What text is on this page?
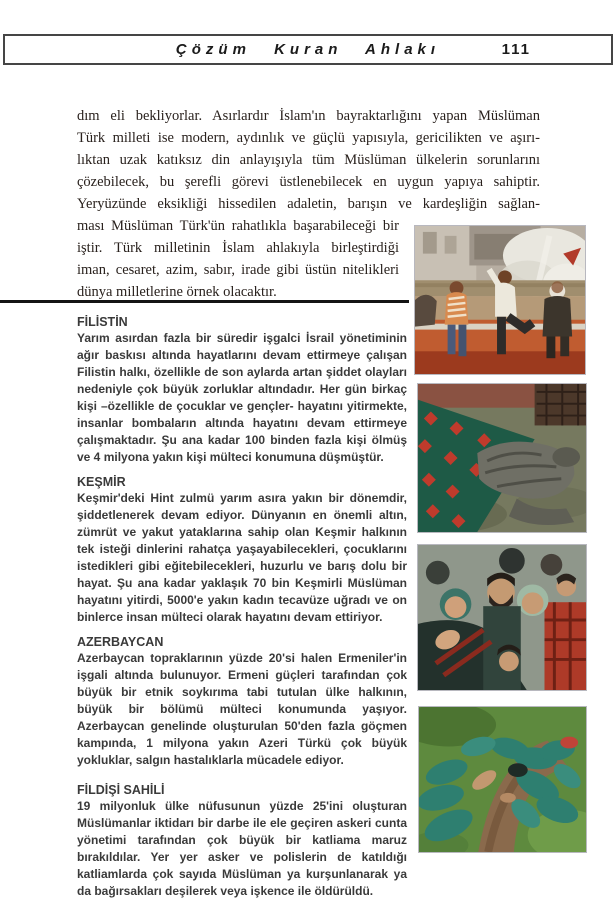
Çözüm Kuran Ahlakı	111
dım eli bekliyorlar. Asırlardır İslam'ın bayraktarlığını yapan Müslüman
Türk milleti ise modern, aydınlık ve güçlü yapısıyla, gericilikten ve aşırı-
lıktan uzak katıksız din anlayışıyla tüm Müslüman ülkelerin sorunlarını
çözebilecek, bu şerefli görevi üstlenebilecek en uygun yapıya sahiptir.
Yeryüzünde eksikliği hissedilen adaletin, barışın ve kardeşliğin sağlan-
ması Müslüman Türk'ün rahatlıkla başarabileceği bir
iştir. Türk milletinin İslam ahlakıyla birleştirdiği
iman, cesaret, azim, sabır, irade gibi üstün nitelikleri
dünya milletlerine örnek olacaktır.
FİLİSTİN

Yarım asırdan fazla bir süredir işgalci İsrail yönetiminin ağır baskısı altında hayatlarını devam ettirmeye çalışan Filistin halkı, özellikle de son aylarda artan şiddet olayları nedeniyle çok büyük zorluklar altındadır. Her gün birkaç kişi –özellikle de çocuklar ve gençler- hayatını yitirmekte, insanlar bombaların altında hayatını devam ettirmeye çalışmaktadır. Şu ana kadar 100 binden fazla kişi ölmüş ve 4 milyona yakın kişi mülteci konumuna düşmüştür.

KEŞMİR

Keşmir'deki Hint zulmü yarım asıra yakın bir dönemdir, şiddetlenerek devam ediyor. Dünyanın en önemli altın, zümrüt ve yakut yataklarına sahip olan Keşmir halkının tek isteği dinlerini rahatça yaşayabilecekleri, çocuklarını istedikleri gibi eğitebilecekleri, huzurlu ve barış dolu bir hayat. Şu ana kadar yaklaşık 70 bin Keşmirli Müslüman hayatını yitirdi, 5000'e yakın kadın tecavüze uğradı ve on binlerce insan mülteci olarak hayatını devam ettiriyor.

AZERBAYCAN

Azerbaycan topraklarının yüzde 20'si halen Ermeniler'in işgali altında bulunuyor. Ermeni güçleri tarafından çok büyük bir etnik soykırıma tabi tutulan ülke halkının, büyük bir bölümü mülteci konumunda yaşıyor. Azerbaycan genelinde oluşturulan 50'den fazla göçmen kampında, 1 milyona yakın Azeri Türkü çok büyük yokluklar, salgın hastalıklarla mücadele ediyor.

FİLDİŞİ SAHİLİ

19 milyonluk ülke nüfusunun yüzde 25'ini oluşturan Müslümanlar iktidarı bir darbe ile ele geçiren askeri cunta yönetimi tarafından çok büyük bir katliama maruz bırakıldılar. Yer yer asker ve polislerin de katıldığı katliamlarda çok sayıda Müslüman ya kurşunlanarak ya da bağırsakları deşilerek veya işkence ile öldürüldü.
